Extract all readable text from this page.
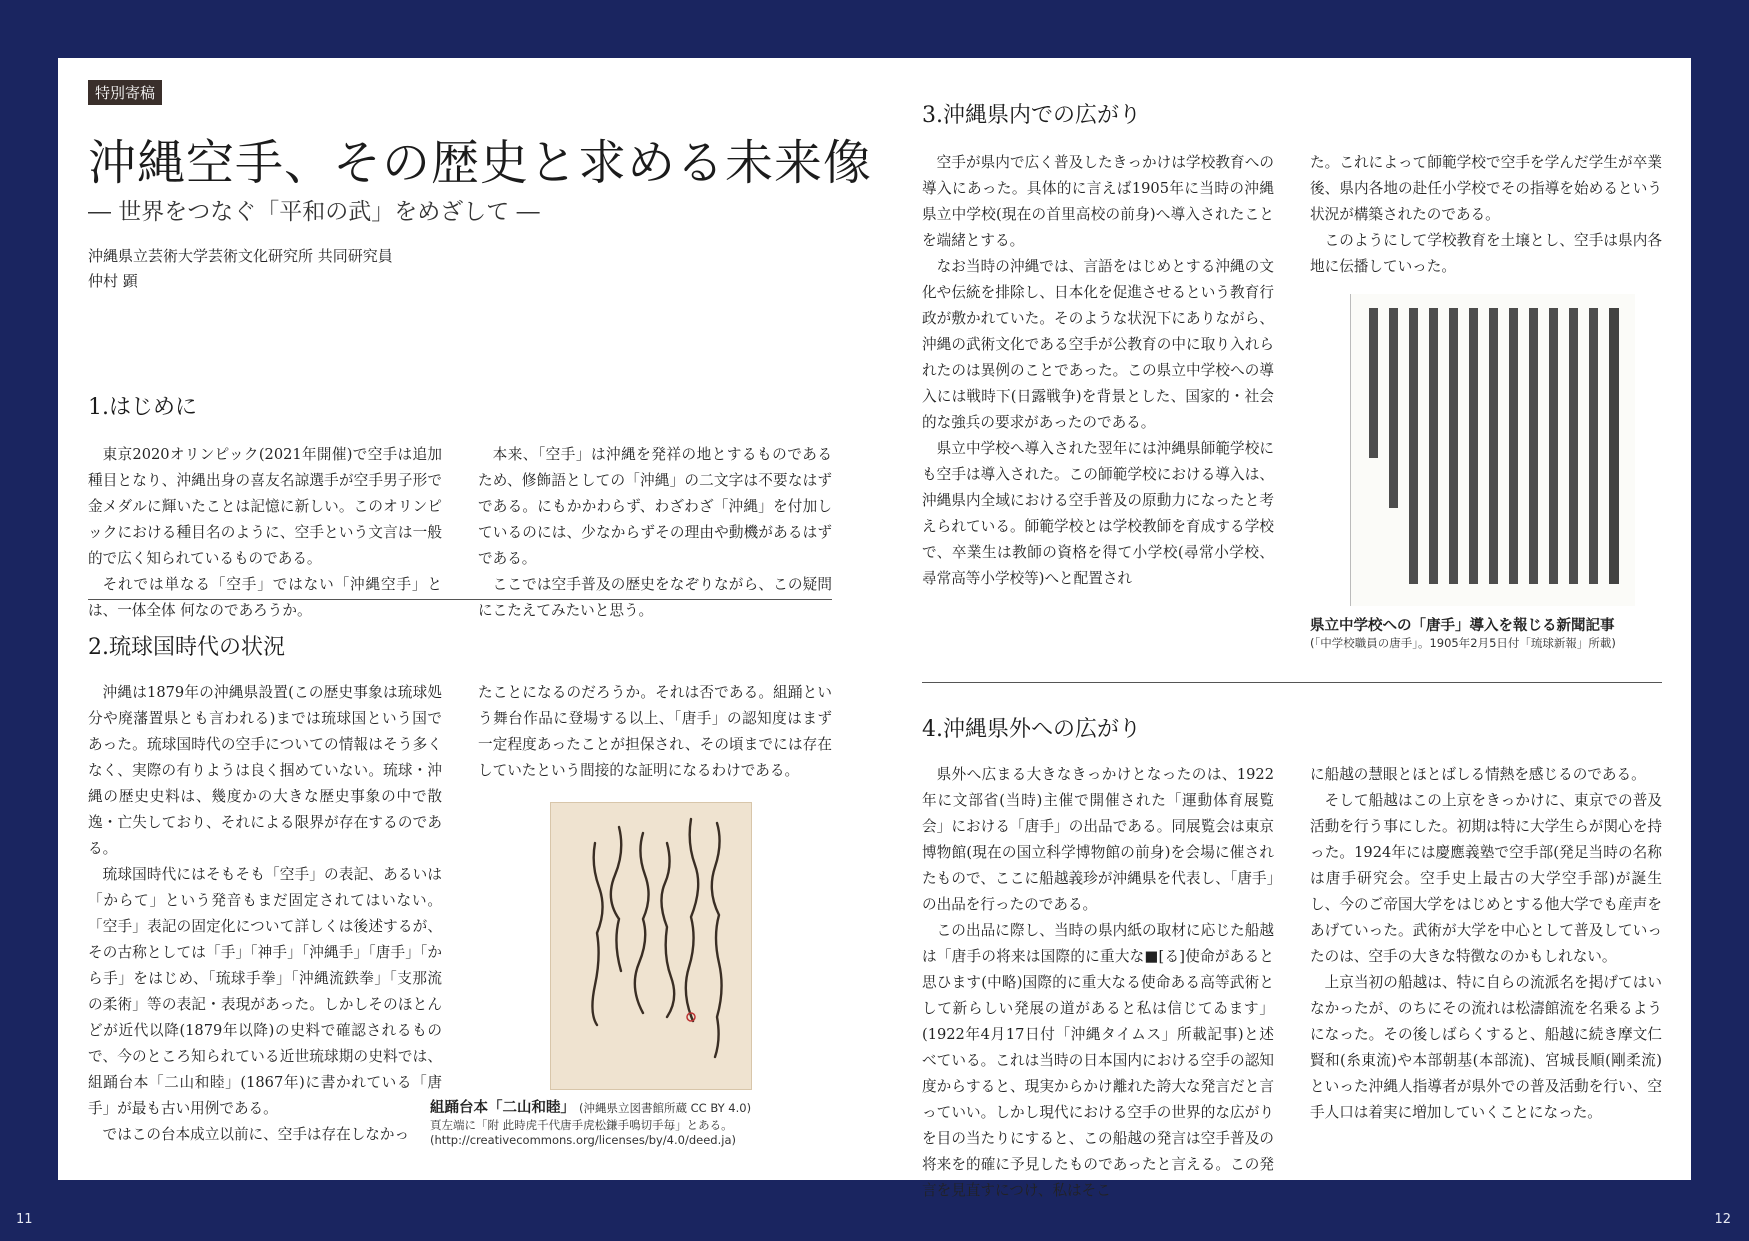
特別寄稿
沖縄空手、その歴史と求める未来像
― 世界をつなぐ「平和の武」をめざして ―
沖縄県立芸術大学芸術文化研究所 共同研究員
仲村 顕
1.はじめに

東京2020オリンピック(2021年開催)で空手は追加種目となり、沖縄出身の喜友名諒選手が空手男子形で金メダルに輝いたことは記憶に新しい。このオリンピックにおける種目名のように、空手という文言は一般的で広く知られているものである。

それでは単なる「空手」ではない「沖縄空手」とは、一体全体 何なのであろうか。

本来、「空手」は沖縄を発祥の地とするものであるため、修飾語としての「沖縄」の二文字は不要なはずである。にもかかわらず、わざわざ「沖縄」を付加しているのには、少なからずその理由や動機があるはずである。

ここでは空手普及の歴史をなぞりながら、この疑問にこたえてみたいと思う。

2.琉球国時代の状況

沖縄は1879年の沖縄県設置(この歴史事象は琉球処分や廃藩置県とも言われる)までは琉球国という国であった。琉球国時代の空手についての情報はそう多くなく、実際の有りようは良く掴めていない。琉球・沖縄の歴史史料は、幾度かの大きな歴史事象の中で散逸・亡失しており、それによる限界が存在するのである。

琉球国時代にはそもそも「空手」の表記、あるいは「からて」という発音もまだ固定されてはいない。「空手」表記の固定化について詳しくは後述するが、その古称としては「手」「神手」「沖縄手」「唐手」「から手」をはじめ、「琉球手拳」「沖縄流鉄拳」「支那流の柔術」等の表記・表現があった。しかしそのほとんどが近代以降(1879年以降)の史料で確認されるもので、今のところ知られている近世琉球期の史料では、組踊台本「二山和睦」(1867年)に書かれている「唐手」が最も古い用例である。

ではこの台本成立以前に、空手は存在しなかっ

たことになるのだろうか。それは否である。組踊という舞台作品に登場する以上、「唐手」の認知度はまず一定程度あったことが担保され、その頃までには存在していたという間接的な証明になるわけである。

組踊台本「二山和睦」 (沖縄県立図書館所蔵 CC BY 4.0)
頁左端に「附 此時虎千代唐手虎松鎌手鳴切手毎」とある。
(http://creativecommons.org/licenses/by/4.0/deed.ja)
3.沖縄県内での広がり

空手が県内で広く普及したきっかけは学校教育への導入にあった。具体的に言えば1905年に当時の沖縄県立中学校(現在の首里高校の前身)へ導入されたことを端緒とする。

なお当時の沖縄では、言語をはじめとする沖縄の文化や伝統を排除し、日本化を促進させるという教育行政が敷かれていた。そのような状況下にありながら、沖縄の武術文化である空手が公教育の中に取り入れられたのは異例のことであった。この県立中学校への導入には戦時下(日露戦争)を背景とした、国家的・社会的な強兵の要求があったのである。

県立中学校へ導入された翌年には沖縄県師範学校にも空手は導入された。この師範学校における導入は、沖縄県内全域における空手普及の原動力になったと考えられている。師範学校とは学校教師を育成する学校で、卒業生は教師の資格を得て小学校(尋常小学校、尋常高等小学校等)へと配置され

た。これによって師範学校で空手を学んだ学生が卒業後、県内各地の赴任小学校でその指導を始めるという状況が構築されたのである。

このようにして学校教育を土壌とし、空手は県内各地に伝播していった。

県立中学校への「唐手」導入を報じる新聞記事
(「中学校職員の唐手」。1905年2月5日付「琉球新報」所載)
4.沖縄県外への広がり

県外へ広まる大きなきっかけとなったのは、1922年に文部省(当時)主催で開催された「運動体育展覧会」における「唐手」の出品である。同展覧会は東京博物館(現在の国立科学博物館の前身)を会場に催されたもので、ここに船越義珍が沖縄県を代表し、「唐手」の出品を行ったのである。

この出品に際し、当時の県内紙の取材に応じた船越は「唐手の将来は国際的に重大な■[る]使命があると思ひます(中略)国際的に重大なる使命ある高等武術として新らしい発展の道があると私は信じてゐます」(1922年4月17日付「沖縄タイムス」所載記事)と述べている。これは当時の日本国内における空手の認知度からすると、現実からかけ離れた誇大な発言だと言っていい。しかし現代における空手の世界的な広がりを目の当たりにすると、この船越の発言は空手普及の将来を的確に予見したものであったと言える。この発言を見直すにつけ、私はそこ

に船越の慧眼とほとばしる情熱を感じるのである。

そして船越はこの上京をきっかけに、東京での普及活動を行う事にした。初期は特に大学生らが関心を持った。1924年には慶應義塾で空手部(発足当時の名称は唐手研究会。空手史上最古の大学空手部)が誕生し、今のご帝国大学をはじめとする他大学でも産声をあげていった。武術が大学を中心として普及していったのは、空手の大きな特徴なのかもしれない。

上京当初の船越は、特に自らの流派名を掲げてはいなかったが、のちにその流れは松濤館流を名乗るようになった。その後しばらくすると、船越に続き摩文仁賢和(糸東流)や本部朝基(本部流)、宮城長順(剛柔流)といった沖縄人指導者が県外での普及活動を行い、空手人口は着実に増加していくことになった。

11	12
